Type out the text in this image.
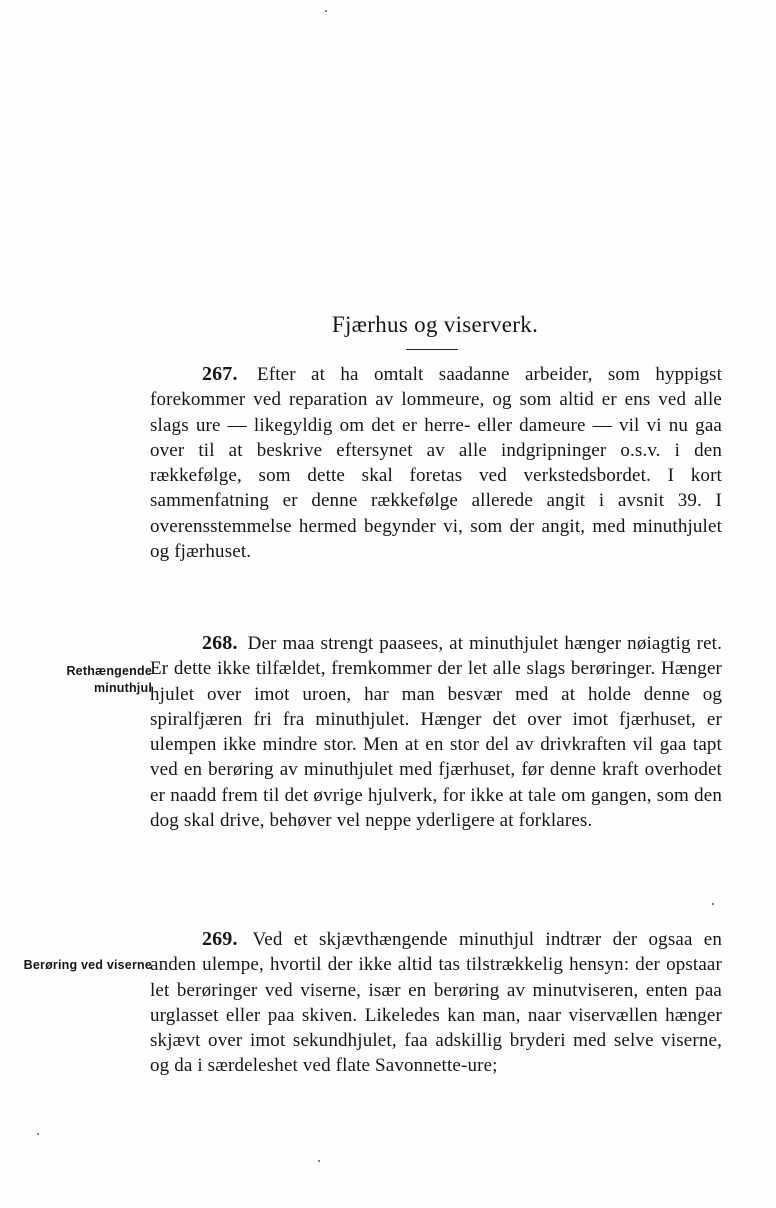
Fjærhus og viserverk.

267. Efter at ha omtalt saadanne arbeider, som hyppigst forekommer ved reparation av lommeure, og som altid er ens ved alle slags ure — likegyldig om det er herre- eller dameure — vil vi nu gaa over til at beskrive eftersynet av alle indgripninger o.s.v. i den rækkefølge, som dette skal foretas ved verkstedsbordet. I kort sammenfatning er denne rækkefølge allerede angit i avsnit 39. I overensstemmelse hermed begynder vi, som der angit, med minuthjulet og fjærhuset.

268. Der maa strengt paasees, at minuthjulet hænger nøiagtig ret. Er dette ikke tilfældet, fremkommer der let alle slags berøringer. Hænger hjulet over imot uroen, har man besvær med at holde denne og spiralfjæren fri fra minuthjulet. Hænger det over imot fjærhuset, er ulempen ikke mindre stor. Men at en stor del av drivkraften vil gaa tapt ved en berøring av minuthjulet med fjærhuset, før denne kraft overhodet er naadd frem til det øvrige hjulverk, for ikke at tale om gangen, som den dog skal drive, behøver vel neppe yderligere at forklares.

Rethængende minuthjul

269. Ved et skjævthængende minuthjul indtrær der ogsaa en anden ulempe, hvortil der ikke altid tas tilstrækkelig hensyn: der opstaar let berøringer ved viserne, især en berøring av minutviseren, enten paa urglasset eller paa skiven. Likeledes kan man, naar viservællen hænger skjævt over imot sekundhjulet, faa adskillig bryderi med selve viserne, og da i særdeleshet ved flate Savonnette-ure;

Berøring ved viserne
